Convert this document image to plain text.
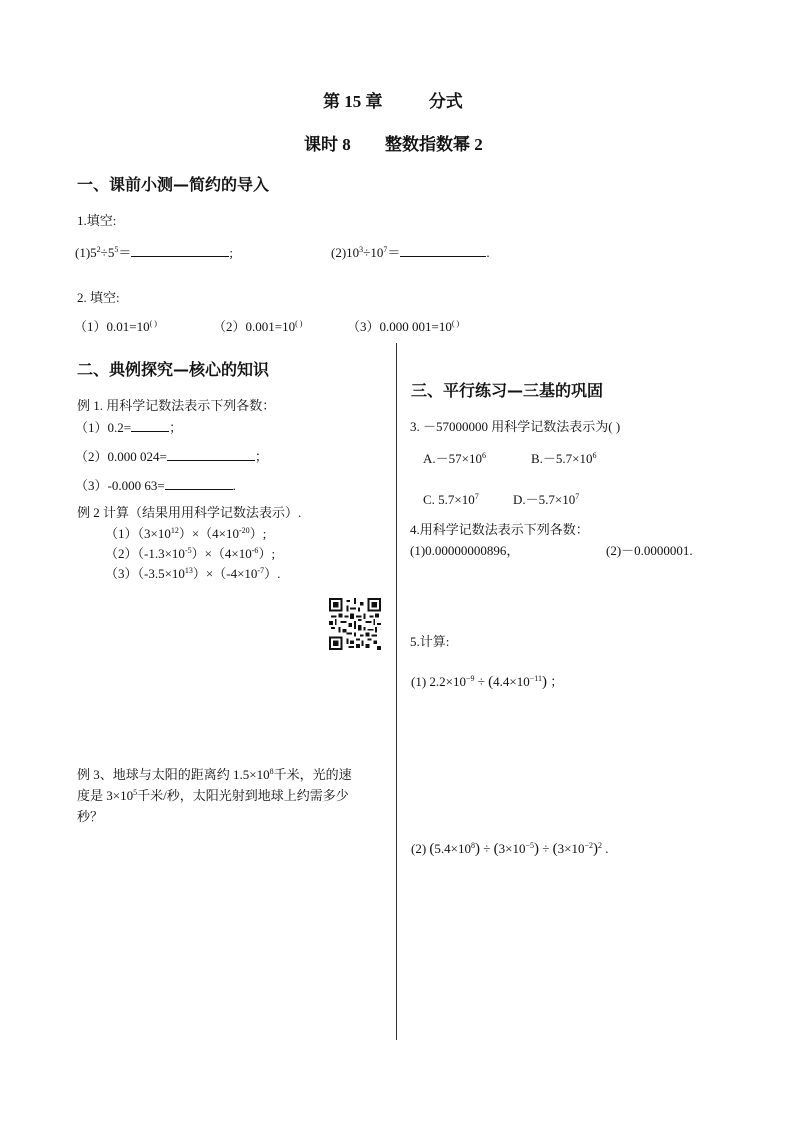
第 15 章	分式
课时 8 整数指数幂 2
一、课前小测—简约的导入
1.填空:
$(1)5^2\div 5^5=$	;	$(2)10^3\div 10^7=$	.
2. 填空:
（1）0.01=10( )	（2）0.001=10( )	（3）0.000 001=10( )
二、典例探究—核心的知识
例 1. 用科学记数法表示下列各数：
（1）0.2=	；
（2）0.000 024=	；
（3）-0.000 63=	.
例 2 计算（结果用用科学记数法表示）.
$(1)(3\times 10^{12})\times(4\times 10^{-20})$;
$(2)(-1.3\times 10^{-5})\times(4\times 10^{-6})$;
$(3)(-3.5\times 10^{13})\times(-4\times 10^{-7})$.
例 3、地球与太阳的距离约 $1.5\times 10^8$千米，光的速
度是 $3\times 10^5$千米/秒，太阳光射到地球上约需多少
秒？
三、平行练习—三基的巩固
3. －57000000 用科学记数法表示为( )
$A.-57\times 10^6$	$B.-5.7\times 10^6$
C. $5.7\times 10^7$	$D.-5.7\times 10^7$
4.用科学记数法表示下列各数：
(1)0.00000000896，	(2)－0.0000001.
5.计算:
(1) $2.2\times 10^{-9} \div (4.4\times 10^{-11})$ ；
(2) $(5.4\times 10^8) \div (3\times 10^{-5}) \div (3\times 10^{-2})^2$ .
